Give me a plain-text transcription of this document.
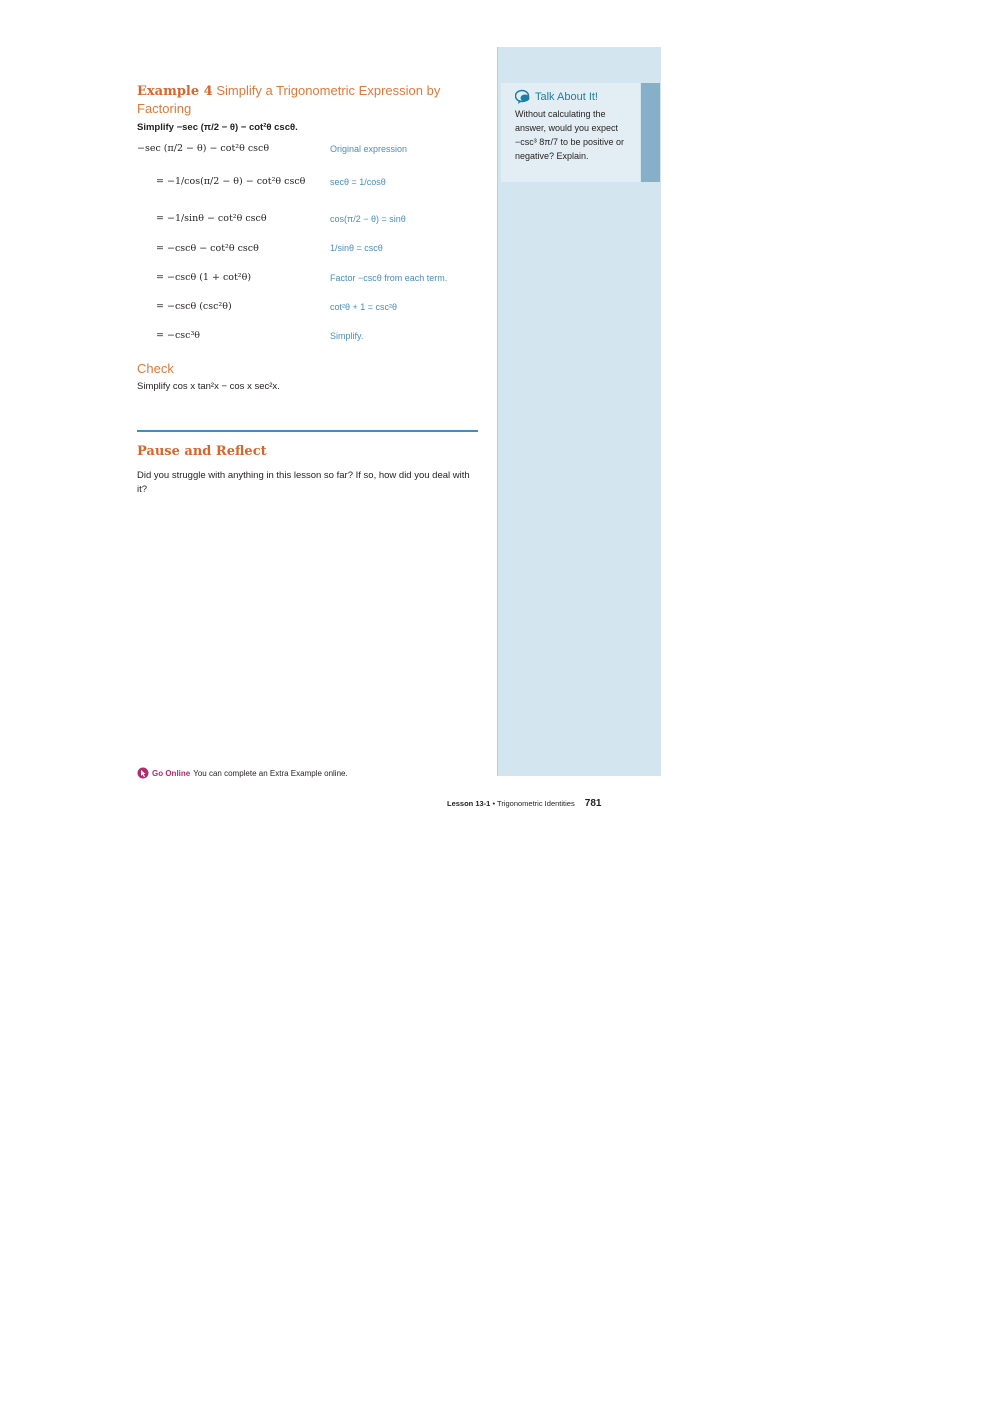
Talk About It!
Without calculating the answer, would you expect −csc³ 8π/7 to be positive or negative? Explain.
Example 4 Simplify a Trigonometric Expression by Factoring
Simplify −sec (π/2 − θ) − cot²θ cscθ.
−sec (π/2 − θ) − cot²θ cscθ
= −1/cos(π/2 − θ) − cot²θ cscθ
= −1/sinθ − cot²θ cscθ
= −cscθ − cot²θ cscθ
= −cscθ (1 + cot²θ)
= −cscθ (csc²θ)
= −csc³θ
Original expression
secθ = 1/cosθ
cos(π/2 − θ) = sinθ
1/sinθ = cscθ
Factor −cscθ from each term.
cot²θ + 1 = csc²θ
Simplify.
Check
Simplify cos x tan²x − cos x sec²x.
Pause and Reflect
Did you struggle with anything in this lesson so far? If so, how did you deal with it?
Go Online You can complete an Extra Example online.
Lesson 13-1 • Trigonometric Identities 781
